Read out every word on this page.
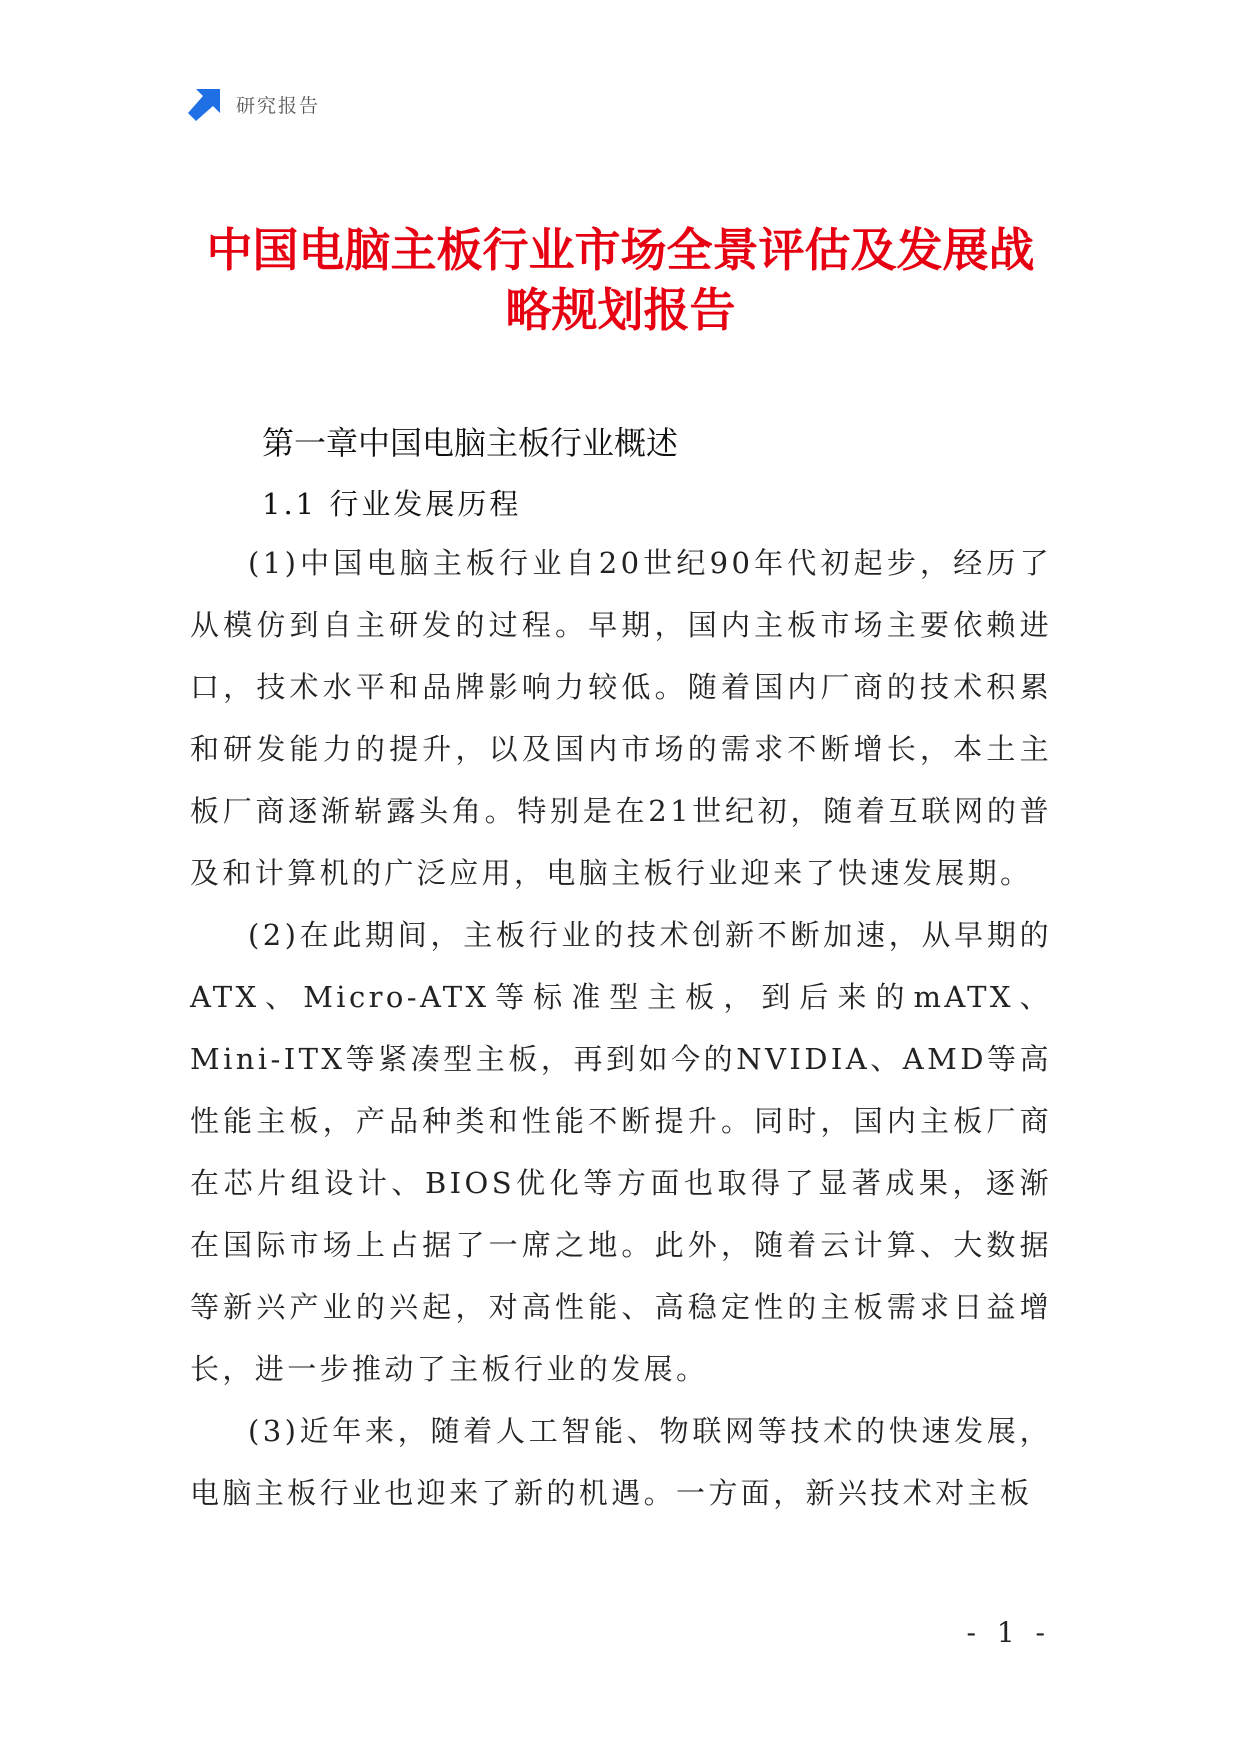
研究报告
中国电脑主板行业市场全景评估及发展战
略规划报告
第一章中国电脑主板行业概述
1.1 行业发展历程

(1)中国电脑主板行业自20世纪90年代初起步，经历了从模仿到自主研发的过程。早期，国内主板市场主要依赖进口，技术水平和品牌影响力较低。随着国内厂商的技术积累和研发能力的提升，以及国内市场的需求不断增长，本土主板厂商逐渐崭露头角。特别是在21世纪初，随着互联网的普及和计算机的广泛应用，电脑主板行业迎来了快速发展期。

(2)在此期间，主板行业的技术创新不断加速，从早期的ATX、Micro-ATX等标准型主板，到后来的mATX、Mini-ITX等紧凑型主板，再到如今的NVIDIA、AMD等高性能主板，产品种类和性能不断提升。同时，国内主板厂商在芯片组设计、BIOS优化等方面也取得了显著成果，逐渐在国际市场上占据了一席之地。此外，随着云计算、大数据等新兴产业的兴起，对高性能、高稳定性的主板需求日益增长，进一步推动了主板行业的发展。

(3)近年来，随着人工智能、物联网等技术的快速发展，电脑主板行业也迎来了新的机遇。一方面，新兴技术对主板

- 1 -
